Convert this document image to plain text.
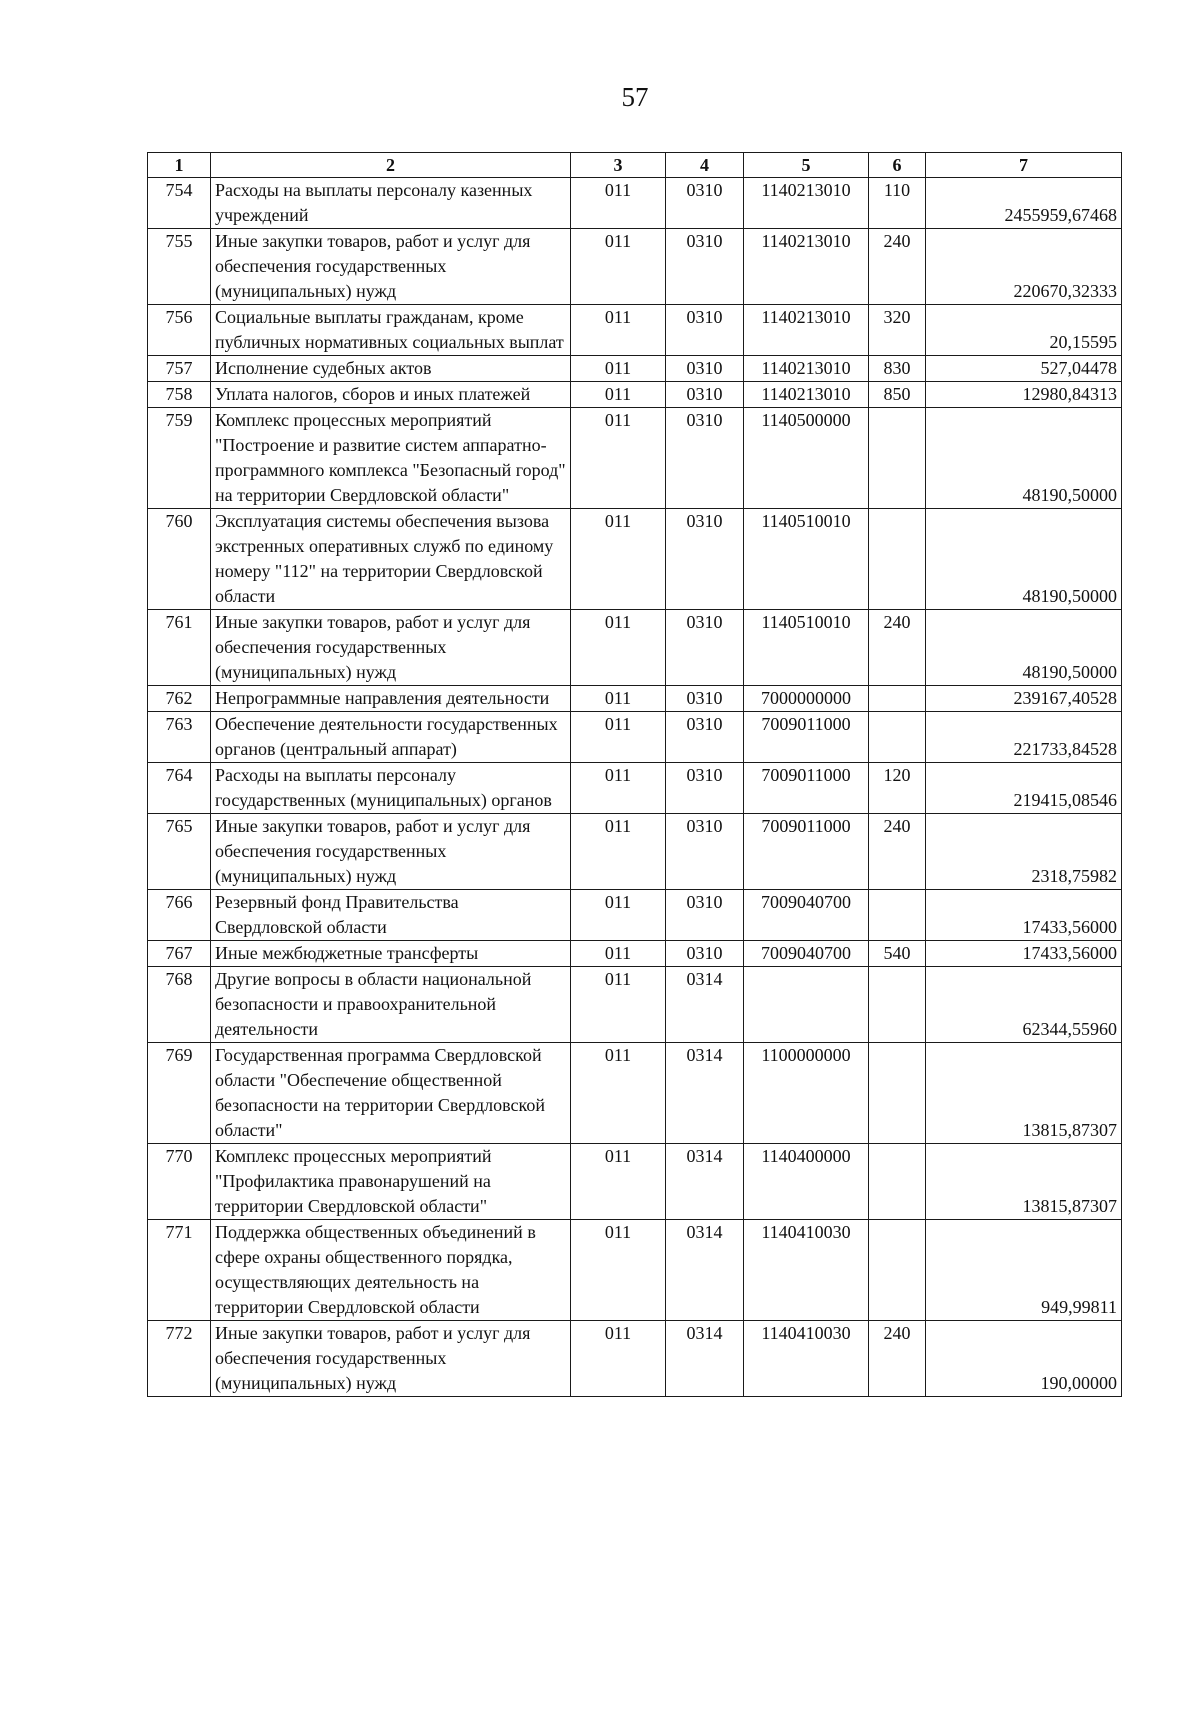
57
1	2	3	4	5	6	7
754	Расходы на выплаты персоналу казенных учреждений	011	0310	1140213010	110	2455959,67468
755	Иные закупки товаров, работ и услуг для обеспечения государственных (муниципальных) нужд	011	0310	1140213010	240	220670,32333
756	Социальные выплаты гражданам, кроме публичных нормативных социальных выплат	011	0310	1140213010	320	20,15595
757	Исполнение судебных актов	011	0310	1140213010	830	527,04478
758	Уплата налогов, сборов и иных платежей	011	0310	1140213010	850	12980,84313
759	Комплекс процессных мероприятий "Построение и развитие систем аппаратно-программного комплекса "Безопасный город" на территории Свердловской области"	011	0310	1140500000		48190,50000
760	Эксплуатация системы обеспечения вызова экстренных оперативных служб по единому номеру "112" на территории Свердловской области	011	0310	1140510010		48190,50000
761	Иные закупки товаров, работ и услуг для обеспечения государственных (муниципальных) нужд	011	0310	1140510010	240	48190,50000
762	Непрограммные направления деятельности	011	0310	7000000000		239167,40528
763	Обеспечение деятельности государственных органов (центральный аппарат)	011	0310	7009011000		221733,84528
764	Расходы на выплаты персоналу государственных (муниципальных) органов	011	0310	7009011000	120	219415,08546
765	Иные закупки товаров, работ и услуг для обеспечения государственных (муниципальных) нужд	011	0310	7009011000	240	2318,75982
766	Резервный фонд Правительства Свердловской области	011	0310	7009040700		17433,56000
767	Иные межбюджетные трансферты	011	0310	7009040700	540	17433,56000
768	Другие вопросы в области национальной безопасности и правоохранительной деятельности	011	0314			62344,55960
769	Государственная программа Свердловской области "Обеспечение общественной безопасности на территории Свердловской области"	011	0314	1100000000		13815,87307
770	Комплекс процессных мероприятий "Профилактика правонарушений на территории Свердловской области"	011	0314	1140400000		13815,87307
771	Поддержка общественных объединений в сфере охраны общественного порядка, осуществляющих деятельность на территории Свердловской области	011	0314	1140410030		949,99811
772	Иные закупки товаров, работ и услуг для обеспечения государственных (муниципальных) нужд	011	0314	1140410030	240	190,00000
